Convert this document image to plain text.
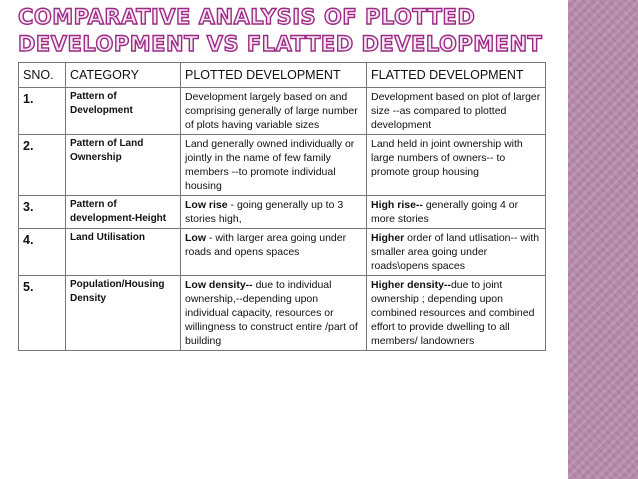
COMPARATIVE ANALYSIS OF PLOTTED
DEVELOPMENT VS FLATTED DEVELOPMENT
SNO.	CATEGORY	PLOTTED DEVELOPMENT	FLATTED DEVELOPMENT
1.	Pattern of Development	Development largely based on and comprising generally of large number of plots having variable sizes	Development based on plot of larger size --as compared to plotted development
2.	Pattern of Land Ownership	Land generally owned individually or jointly in the name of few family members --to promote individual housing	Land held in joint ownership with large numbers of owners-- to promote group housing
3.	Pattern of development-Height	Low rise - going generally up to 3 stories high,	High rise-- generally going 4 or more stories
4.	Land Utilisation	Low - with larger area going under roads and opens spaces	Higher order of land utlisation-- with smaller area going under roads\opens spaces
5.	Population/Housing Density	Low density-- due to individual ownership,--depending upon individual capacity, resources or willingness to construct entire /part of building	Higher density--due to joint ownership ; depending upon combined resources and combined effort to provide dwelling to all members/ landowners
